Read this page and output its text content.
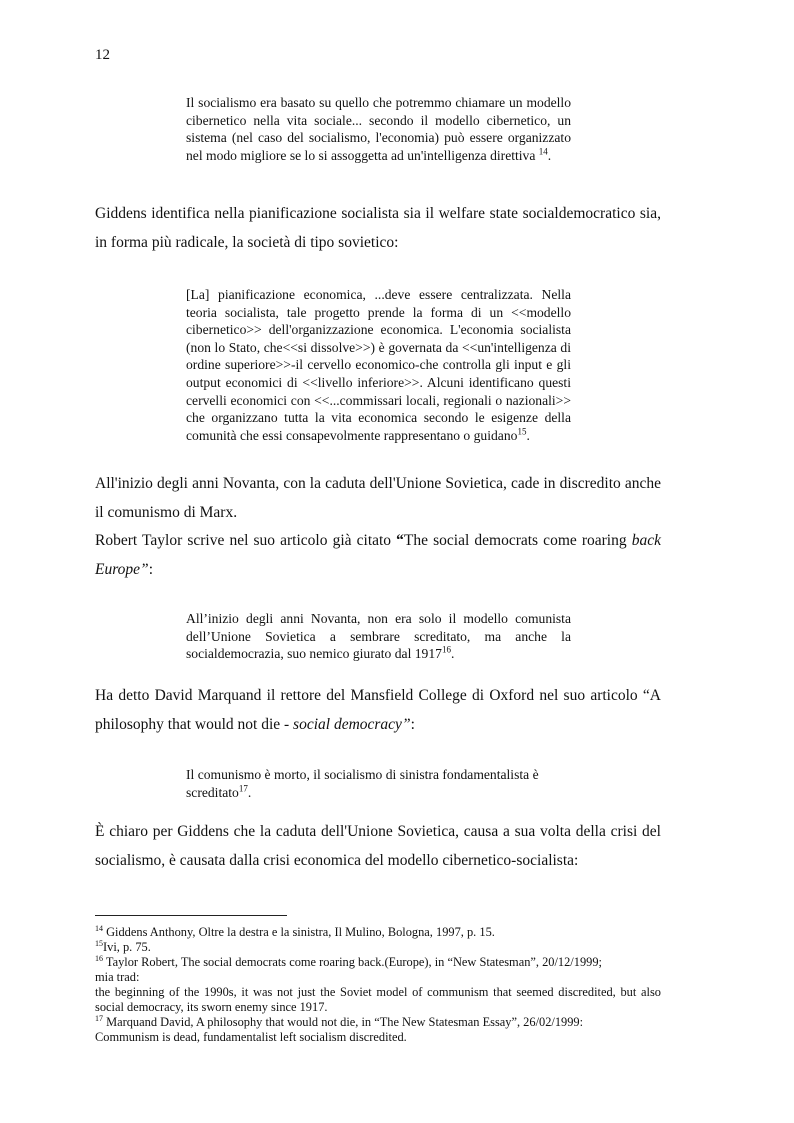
12

Il socialismo era basato su quello che potremmo chiamare un modello cibernetico nella vita sociale... secondo il modello cibernetico, un sistema (nel caso del socialismo, l'economia) può essere organizzato nel modo migliore se lo si assoggetta ad un'intelligenza direttiva $^{14}$.

Giddens identifica nella pianificazione socialista sia il welfare state socialdemocratico sia, in forma più radicale, la società di tipo sovietico:

[La] pianificazione economica, ...deve essere centralizzata. Nella teoria socialista, tale progetto prende la forma di un <<modello cibernetico>> dell'organizzazione economica. L'economia socialista (non lo Stato, che<<si dissolve>>) è governata da <<un'intelligenza di ordine superiore>>-il cervello economico-che controlla gli input e gli output economici di <<livello inferiore>>. Alcuni identificano questi cervelli economici con <<...commissari locali, regionali o nazionali>> che organizzano tutta la vita economica secondo le esigenze della comunità che essi consapevolmente rappresentano o guidano$^{15}$.

All'inizio degli anni Novanta, con la caduta dell'Unione Sovietica, cade in discredito anche il comunismo di Marx.

Robert Taylor scrive nel suo articolo già citato “The social democrats come roaring back Europe”:

All’inizio degli anni Novanta, non era solo il modello comunista dell’Unione Sovietica a sembrare screditato, ma anche la socialdemocrazia, suo nemico giurato dal 1917$^{16}$.

Ha detto David Marquand il rettore del Mansfield College di Oxford nel suo articolo “A philosophy that would not die - social democracy”:

Il comunismo è morto, il socialismo di sinistra fondamentalista è screditato$^{17}$.

È chiaro per Giddens che la caduta dell'Unione Sovietica, causa a sua volta della crisi del socialismo, è causata dalla crisi economica del modello cibernetico-socialista:

$^{14}$ Giddens Anthony, Oltre la destra e la sinistra, Il Mulino, Bologna, 1997, p. 15.

$^{15}$Ivi, p. 75.

$^{16}$ Taylor Robert, The social democrats come roaring back.(Europe), in “New Statesman”, 20/12/1999;

mia trad:

the beginning of the 1990s, it was not just the Soviet model of communism that seemed discredited, but also social democracy, its sworn enemy since 1917.

$^{17}$ Marquand David, A philosophy that would not die, in “The New Statesman Essay”, 26/02/1999:

Communism is dead, fundamentalist left socialism discredited.
